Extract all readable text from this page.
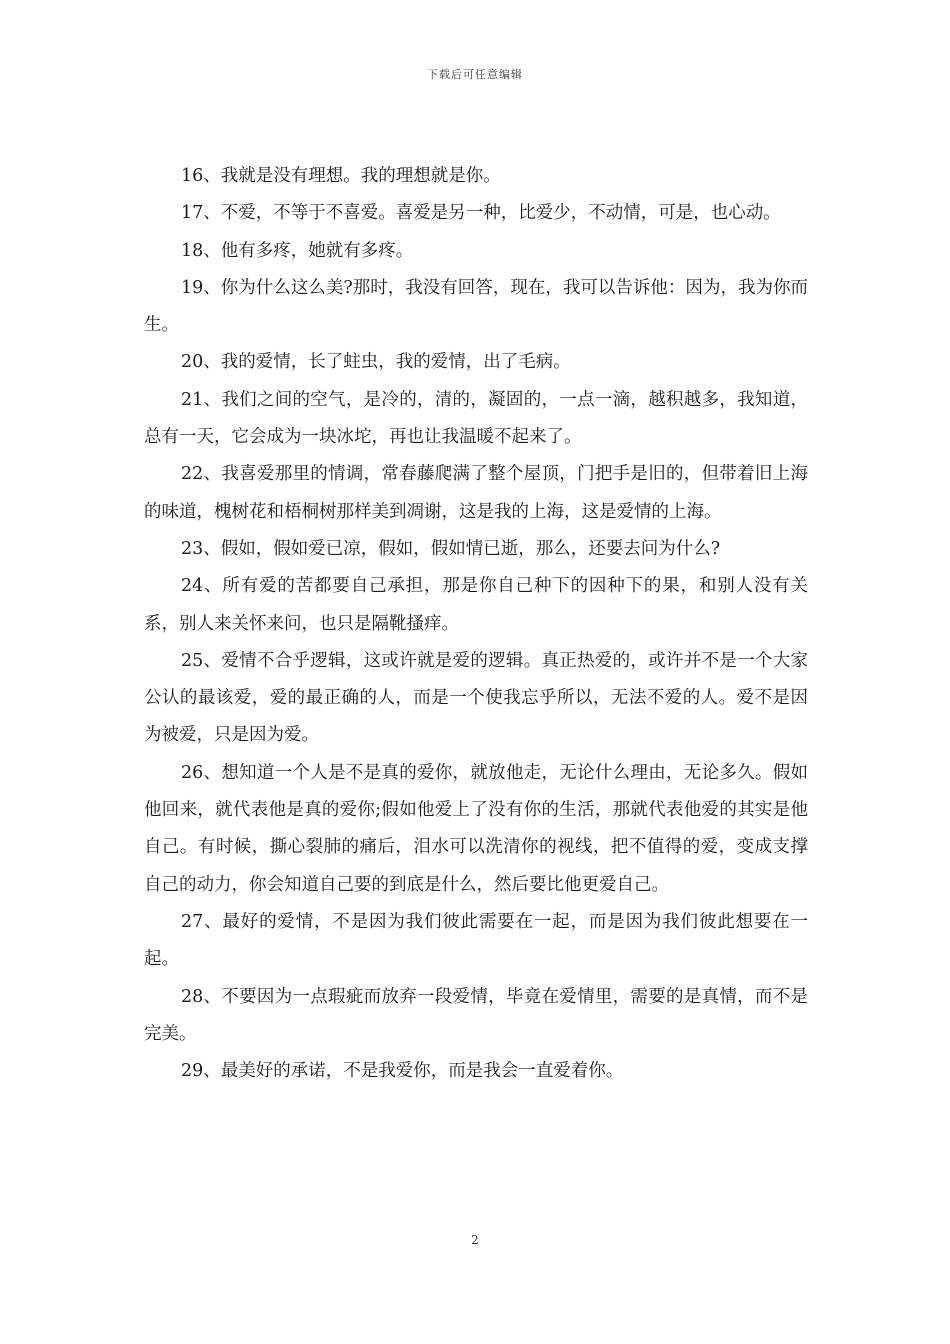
下载后可任意编辑

16、我就是没有理想。我的理想就是你。

17、不爱，不等于不喜爱。喜爱是另一种，比爱少，不动情，可是，也心动。

18、他有多疼，她就有多疼。

19、你为什么这么美?那时，我没有回答，现在，我可以告诉他：因为，我为你而生。

20、我的爱情，长了蛀虫，我的爱情，出了毛病。

21、我们之间的空气，是冷的，清的，凝固的，一点一滴，越积越多，我知道，总有一天，它会成为一块冰坨，再也让我温暖不起来了。

22、我喜爱那里的情调，常春藤爬满了整个屋顶，门把手是旧的，但带着旧上海的味道，槐树花和梧桐树那样美到凋谢，这是我的上海，这是爱情的上海。

23、假如，假如爱已凉，假如，假如情已逝，那么，还要去问为什么?

24、所有爱的苦都要自己承担，那是你自己种下的因种下的果，和别人没有关系，别人来关怀来问，也只是隔靴搔痒。

25、爱情不合乎逻辑，这或许就是爱的逻辑。真正热爱的，或许并不是一个大家公认的最该爱，爱的最正确的人，而是一个使我忘乎所以，无法不爱的人。爱不是因为被爱，只是因为爱。

26、想知道一个人是不是真的爱你，就放他走，无论什么理由，无论多久。假如他回来，就代表他是真的爱你;假如他爱上了没有你的生活，那就代表他爱的其实是他自己。有时候，撕心裂肺的痛后，泪水可以洗清你的视线，把不值得的爱，变成支撑自己的动力，你会知道自己要的到底是什么，然后要比他更爱自己。

27、最好的爱情，不是因为我们彼此需要在一起，而是因为我们彼此想要在一起。

28、不要因为一点瑕疵而放弃一段爱情，毕竟在爱情里，需要的是真情，而不是完美。

29、最美好的承诺，不是我爱你，而是我会一直爱着你。

2
